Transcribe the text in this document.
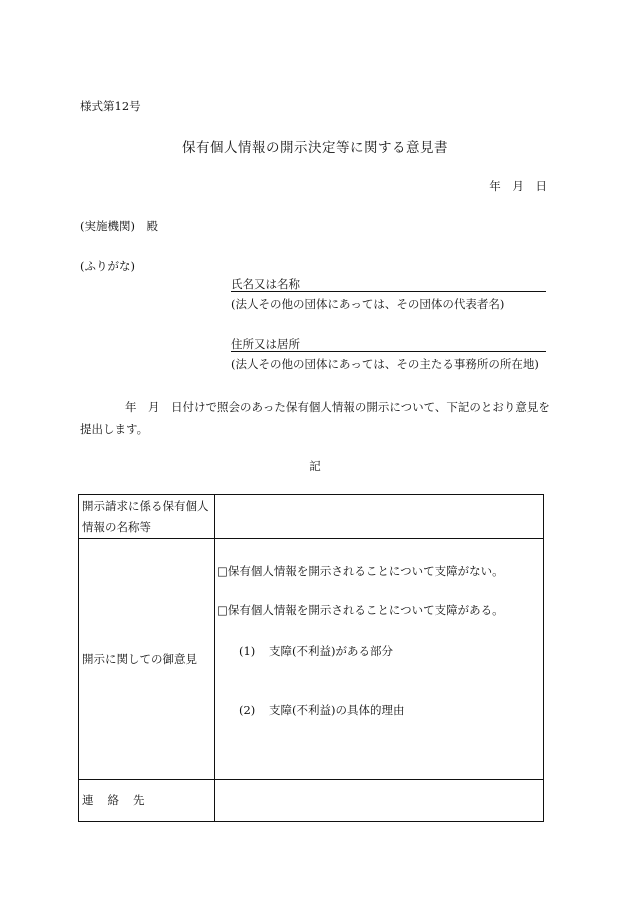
様式第12号
保有個人情報の開示決定等に関する意見書
年 月 日
(実施機関)　殿
(ふりがな)
氏名又は名称
(法人その他の団体にあっては、その団体の代表者名)
住所又は居所
(法人その他の団体にあっては、その主たる事務所の所在地)
年　月　日付けで照会のあった保有個人情報の開示について、下記のとおり意見を提出します。
記
開示請求に係る保有個人情報の名称等	
開示に関しての御意見	□保有個人情報を開示されることについて支障がない。
□保有個人情報を開示されることについて支障がある。
(1) 支障(不利益)がある部分
(2) 支障(不利益)の具体的理由

連絡先	
